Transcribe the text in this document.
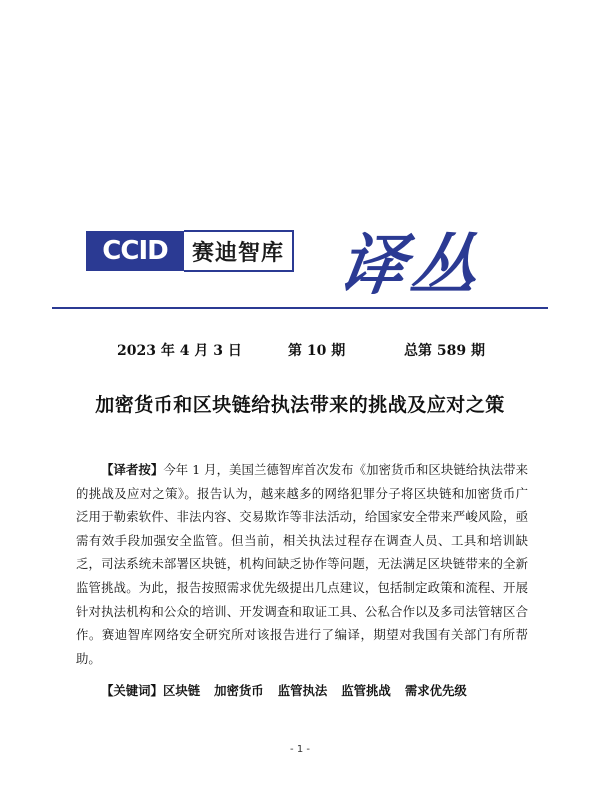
CCID	赛迪智库 译丛
2023 年 4 月 3 日	第 10 期	总第 589 期
加密货币和区块链给执法带来的挑战及应对之策
【译者按】今年 1 月，美国兰德智库首次发布《加密货币和区块链给执法带来的挑战及应对之策》。报告认为，越来越多的网络犯罪分子将区块链和加密货币广泛用于勒索软件、非法内容、交易欺诈等非法活动，给国家安全带来严峻风险，亟需有效手段加强安全监管。但当前，相关执法过程存在调查人员、工具和培训缺乏，司法系统未部署区块链，机构间缺乏协作等问题，无法满足区块链带来的全新监管挑战。为此，报告按照需求优先级提出几点建议，包括制定政策和流程、开展针对执法机构和公众的培训、开发调查和取证工具、公私合作以及多司法管辖区合作。赛迪智库网络安全研究所对该报告进行了编译，期望对我国有关部门有所帮助。
【关键词】区块链 加密货币 监管执法 监管挑战 需求优先级
- 1 -
